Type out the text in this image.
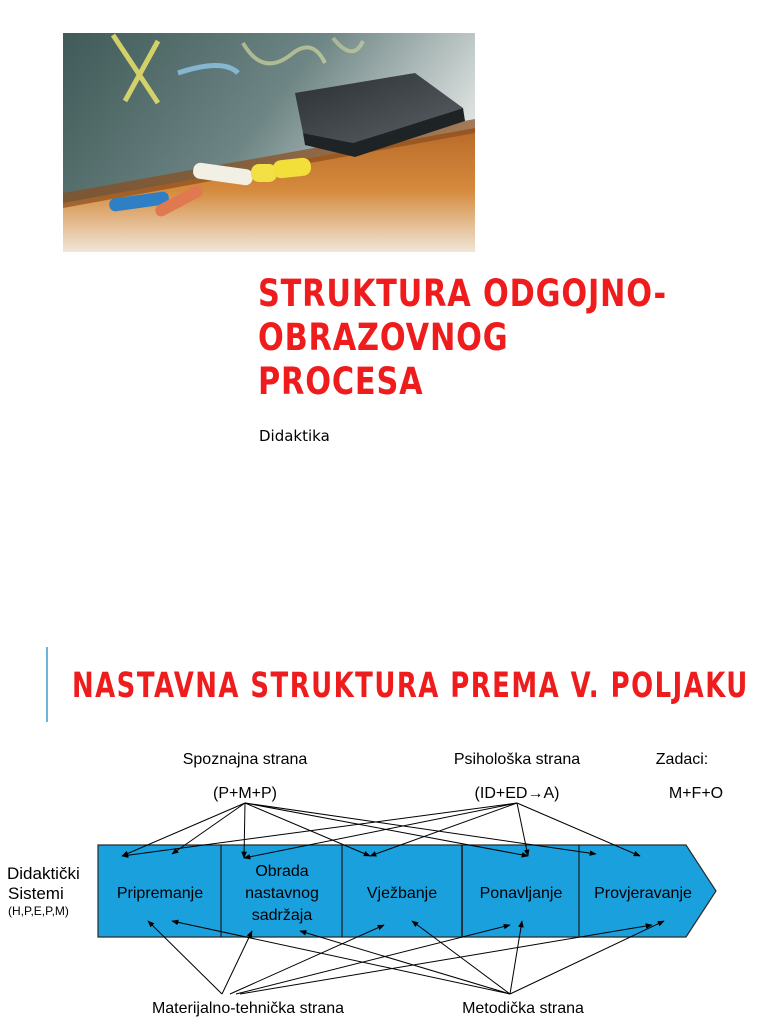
STRUKTURA ODGOJNO-
OBRAZOVNOG PROCESA

Didaktika

NASTAVNA STRUKTURA PREMA V. POLJAKU
Spoznajna strana
(P+M+P)
Psihološka strana
(ID+ED→A)
Zadaci:
M+F+O
Didaktički
Sistemi
(H,P,E,P,M)
Pripremanje
Obrada
nastavnog
sadržaja
Vježbanje	Ponavljanje Provjeravanje
Materijalno-tehnička strana	Metodička strana
